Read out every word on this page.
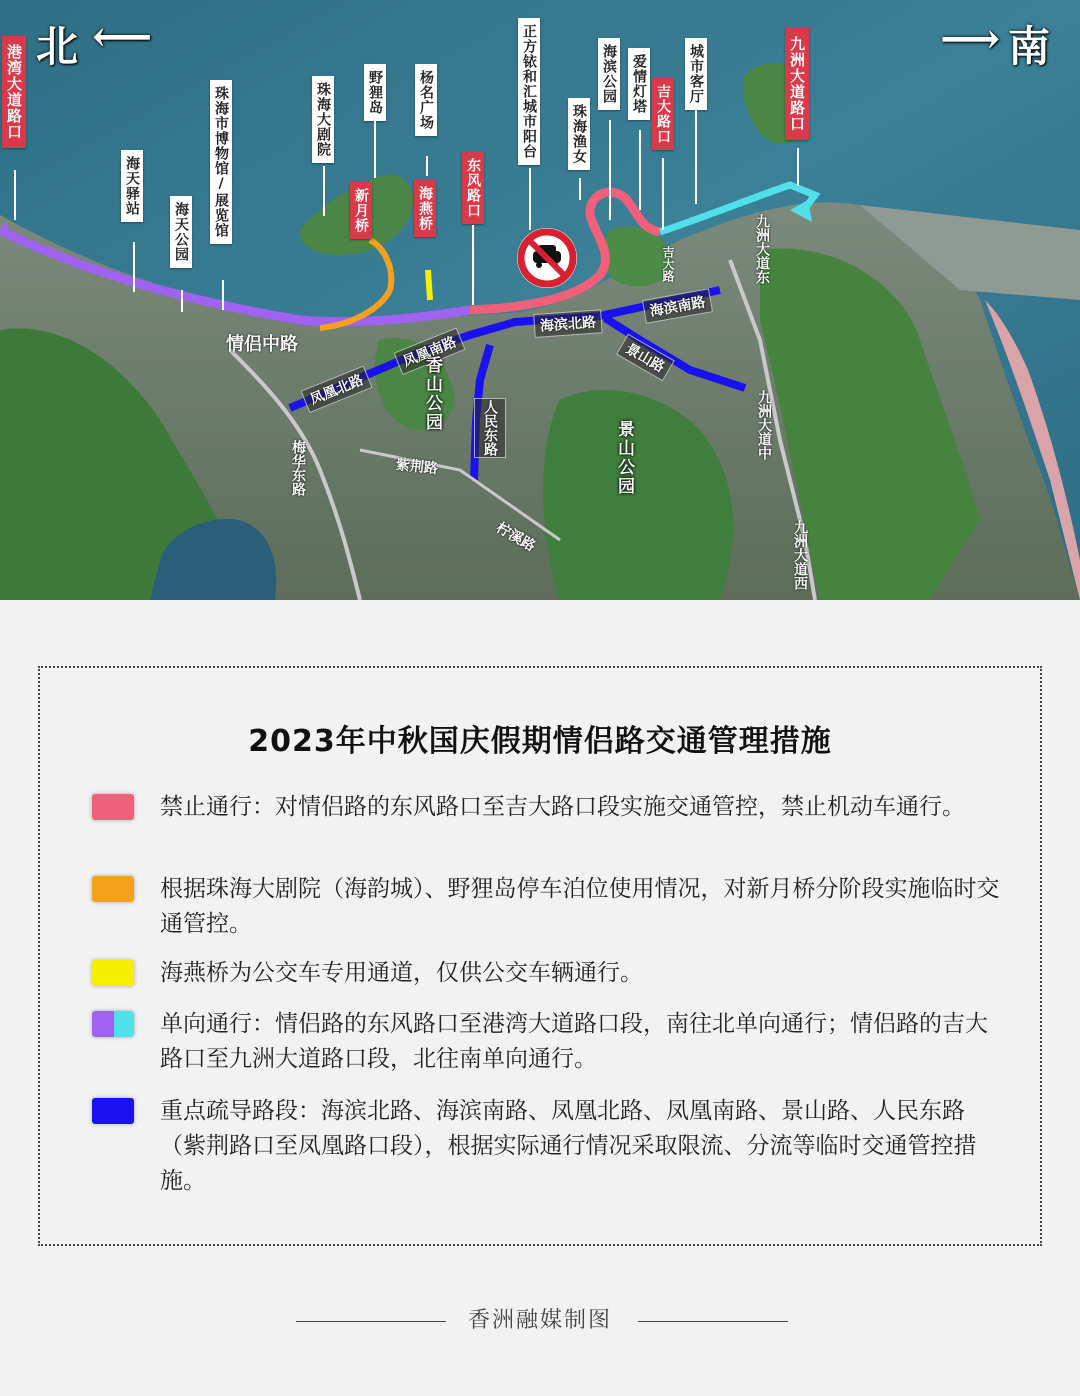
北 ⟵	⟶ 南
港湾大道路口
东风路口
吉大路口	九洲大道路口
海天驿站
海天公园 珠海市博物馆/展览馆	珠海大剧院	野狸岛	杨名广场	正方铱和汇城市阳台 珠海渔女
海滨公园 爱情灯塔	城市客厅
新月桥	海燕桥
情侣中路
凤凰北路
凤凰南路
海滨北路
海滨南路
景山路
人民东路
紫荆路
柠溪路
梅华东路
吉大路	九洲大道东
九洲大道中
九洲大道西
香山公园
景山公园
2023年中秋国庆假期情侣路交通管理措施
禁止通行：对情侣路的东风路口至吉大路口段实施交通管控，禁止机动车通行。
根据珠海大剧院（海韵城）、野狸岛停车泊位使用情况，对新月桥分阶段实施临时交通管控。
海燕桥为公交车专用通道，仅供公交车辆通行。
单向通行：情侣路的东风路口至港湾大道路口段，南往北单向通行；情侣路的吉大路口至九洲大道路口段，北往南单向通行。
重点疏导路段：海滨北路、海滨南路、凤凰北路、凤凰南路、景山路、人民东路（紫荆路口至凤凰路口段），根据实际通行情况采取限流、分流等临时交通管控措施。
香洲融媒制图
